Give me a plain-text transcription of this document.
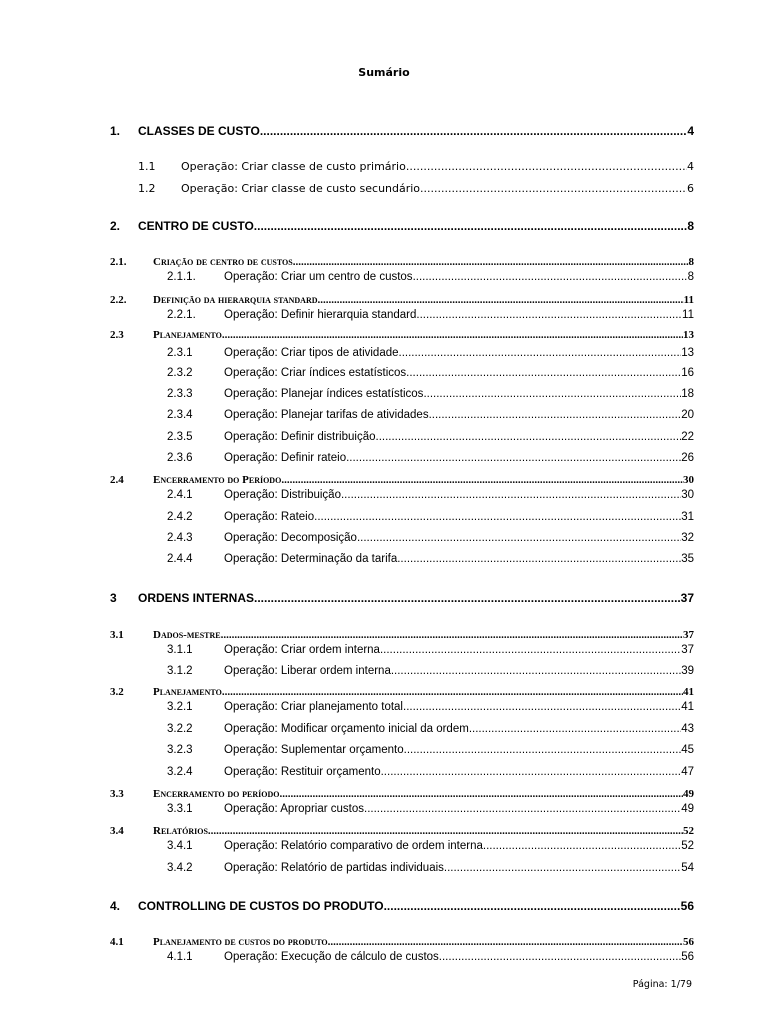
Sumário
1. CLASSES DE CUSTO .....	4
1.1 Operação: Criar classe de custo primário .....	4
1.2 Operação: Criar classe de custo secundário .....	6
2. CENTRO DE CUSTO .....	8
2.1. Criação de centro de custos .....	8
2.1.1. Operação: Criar um centro de custos .....	8
2.2. Definição da hierarquia standard .....	11
2.2.1. Operação: Definir hierarquia standard .....	11
2.3	Planejamento .....	13
2.3.1	Operação: Criar tipos de atividade .....	13
2.3.2	Operação: Criar índices estatísticos .....	16
2.3.3	Operação: Planejar índices estatísticos .....	18
2.3.4	Operação: Planejar tarifas de atividades .....	20
2.3.5	Operação: Definir distribuição .....	22
2.3.6	Operação: Definir rateio .....	26
2.4	Encerramento do Período .....	30
2.4.1	Operação: Distribuição .....	30
2.4.2	Operação: Rateio .....	31
2.4.3	Operação: Decomposição .....	32
2.4.4	Operação: Determinação da tarifa .....	35
3 ORDENS INTERNAS .....	37
3.1	Dados-mestre .....	37
3.1.1	Operação: Criar ordem interna .....	37
3.1.2	Operação: Liberar ordem interna .....	39
3.2	Planejamento .....	41
3.2.1	Operação: Criar planejamento total .....	41
3.2.2	Operação: Modificar orçamento inicial da ordem .....	43
3.2.3	Operação: Suplementar orçamento .....	45
3.2.4	Operação: Restituir orçamento .....	47
3.3	Encerramento do período .....	49
3.3.1	Operação: Apropriar custos .....	49
3.4	Relatórios .....	52
3.4.1	Operação: Relatório comparativo de ordem interna .....	52
3.4.2	Operação: Relatório de partidas individuais .....	54
4. CONTROLLING DE CUSTOS DO PRODUTO .....	56
4.1	Planejamento de custos do produto .....	56
4.1.1	Operação: Execução de cálculo de custos .....	56
Página: 1/79
